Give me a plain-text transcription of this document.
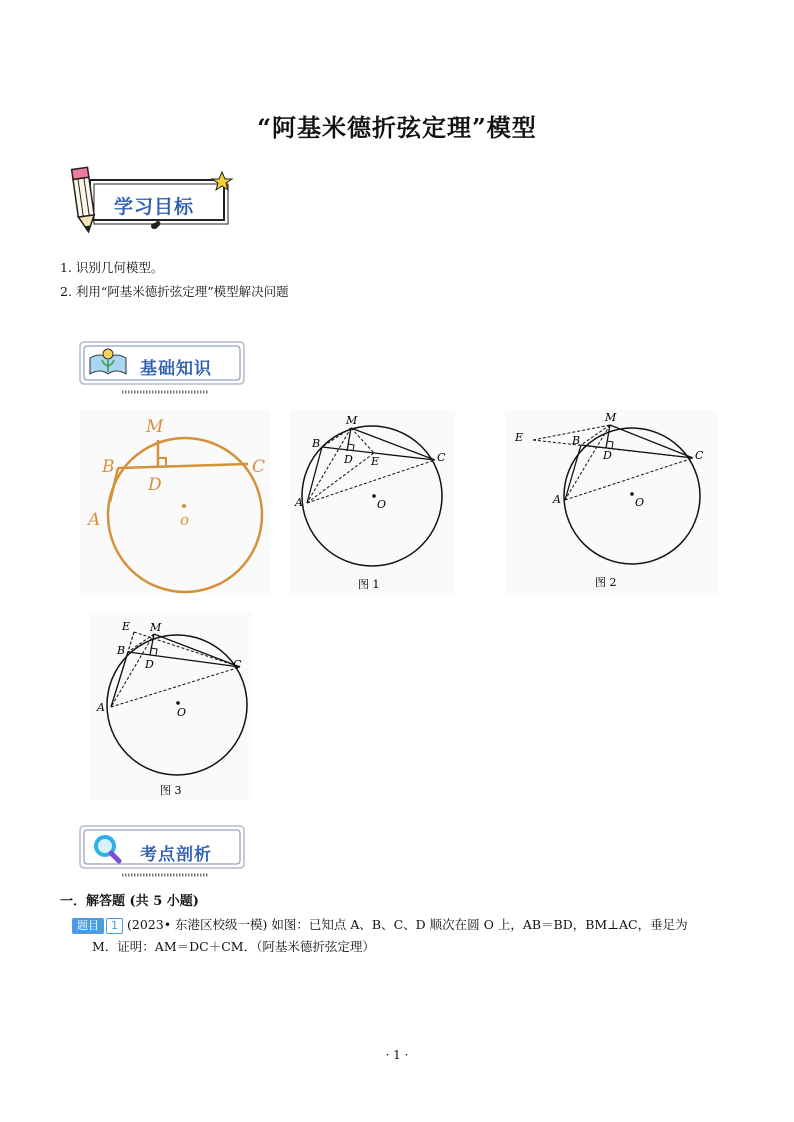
“阿基米德折弦定理”模型
学习目标
1. 识别几何模型。
2. 利用“阿基米德折弦定理”模型解决问题
基础知识
M
B	C
D
A	o
M
B
D E	C
A	O
图 1
M
E	B
D	C
A	O
图 2
E M
B
D	C
A	O
图 3
考点剖析
一．解答题 (共 5 小题)
题目 1 (2023• 东港区校级一模) 如图：已知点 A、B、C、D 顺次在圆 O 上，AB＝BD，BM⊥AC，垂足为
M．证明：AM＝DC＋CM．（阿基米德折弦定理）
· 1 ·
